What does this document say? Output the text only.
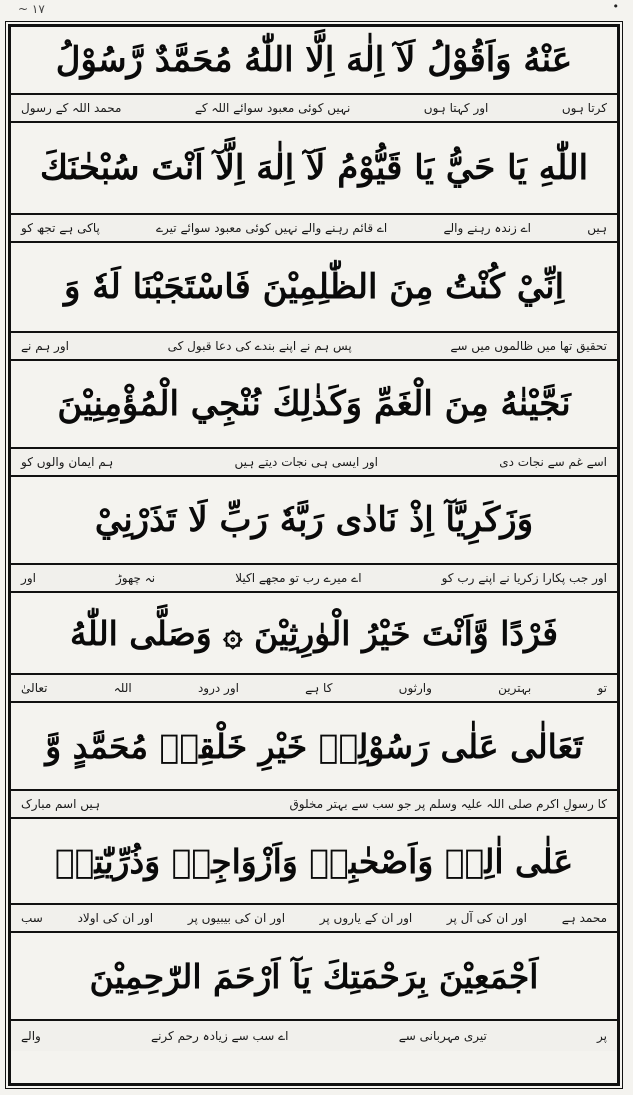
~ ١٧	•
عَنْهُ وَاَقُوْلُ لَآ اِلٰهَ اِلَّا اللّٰهُ مُحَمَّدٌ رَّسُوْلُ
کرتا ہوں
اور کہتا ہوں
نہیں کوئی معبود سوائے اللہ کے
محمد اللہ کے رسول
اللّٰهِ يَا حَيُّ يَا قَيُّوْمُ لَآ اِلٰهَ اِلَّآ اَنْتَ سُبْحٰنَكَ
ہیں
اے زندہ رہنے والے
اے قائم رہنے والے نہیں کوئی معبود سوائے تیرے
پاکی ہے تجھ کو
اِنِّيْ كُنْتُ مِنَ الظّٰلِمِيْنَ فَاسْتَجَبْنَا لَهٗ وَ
تحقیق تھا میں ظالموں میں سے
پس ہم نے اپنے بندے کی دعا قبول کی
اور ہم نے
نَجَّيْنٰهُ مِنَ الْغَمِّ وَكَذٰلِكَ نُنْجِي الْمُؤْمِنِيْنَ
اسے غم سے نجات دی
اور ایسی ہی نجات دیتے ہیں
ہم ایمان والوں کو
وَزَكَرِيَّآ اِذْ نَادٰى رَبَّهٗ رَبِّ لَا تَذَرْنِيْ
اور جب پکارا زکریا نے اپنے رب کو
اے میرے رب تو مجھے اکیلا
نہ چھوڑ
اور
فَرْدًا وَّاَنْتَ خَيْرُ الْوٰرِثِيْنَ ۞ وَصَلَّى اللّٰهُ
تو
بہترین
وارثوں
کا ہے
اور درود
اللہ
تعالیٰ
تَعَالٰى عَلٰى رَسُوْلِهٖ خَيْرِ خَلْقِهٖ مُحَمَّدٍ وَّ
کا رسولِ اکرم صلی اللہ علیہ وسلم پر جو سب سے بہتر مخلوق
ہیں اسم مبارک
عَلٰى اٰلِهٖ وَاَصْحٰبِهٖ وَاَزْوَاجِهٖ وَذُرِّيّٰتِهٖ
محمد ہے
اور ان کی آل پر
اور ان کے یاروں پر
اور ان کی بیبیوں پر
اور ان کی اولاد
سب
اَجْمَعِيْنَ بِرَحْمَتِكَ يَآ اَرْحَمَ الرّٰحِمِيْنَ
پر
تیری مہربانی سے
اے سب سے زیادہ رحم کرنے
والے
